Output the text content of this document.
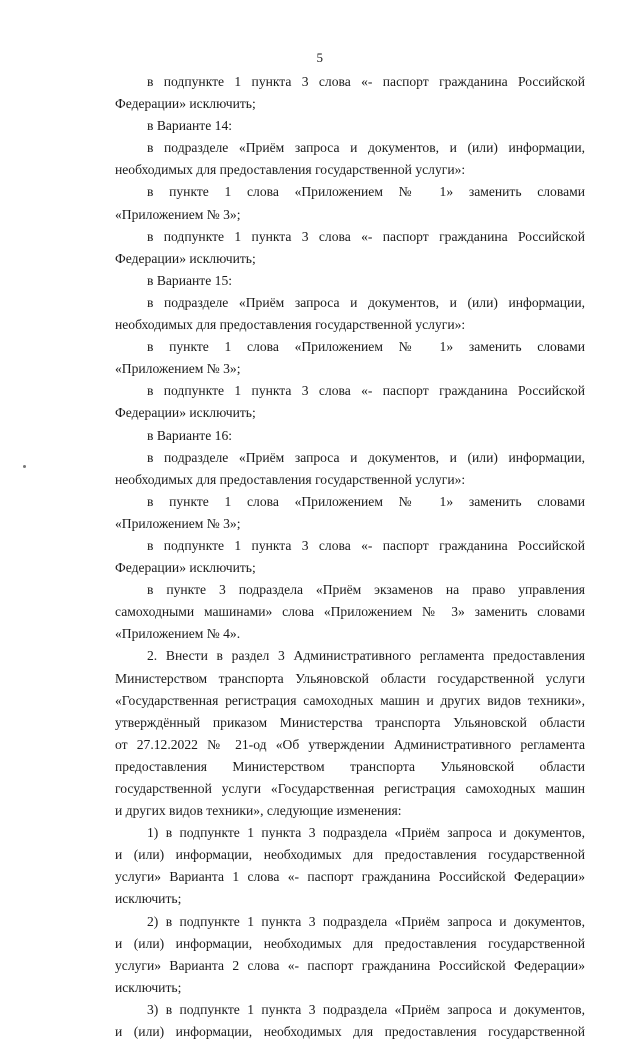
5
в подпункте 1 пункта 3 слова «- паспорт гражданина Российской
Федерации» исключить;
в Варианте 14:
в подразделе «Приём запроса и документов, и (или) информации,
необходимых для предоставления государственной услуги»:
в пункте 1 слова «Приложением № 1» заменить словами
«Приложением № 3»;
в подпункте 1 пункта 3 слова «- паспорт гражданина Российской
Федерации» исключить;
в Варианте 15:
в подразделе «Приём запроса и документов, и (или) информации,
необходимых для предоставления государственной услуги»:
в пункте 1 слова «Приложением № 1» заменить словами
«Приложением № 3»;
в подпункте 1 пункта 3 слова «- паспорт гражданина Российской
Федерации» исключить;
в Варианте 16:
в подразделе «Приём запроса и документов, и (или) информации,
необходимых для предоставления государственной услуги»:
в пункте 1 слова «Приложением № 1» заменить словами
«Приложением № 3»;
в подпункте 1 пункта 3 слова «- паспорт гражданина Российской
Федерации» исключить;
в пункте 3 подраздела «Приём экзаменов на право управления
самоходными машинами» слова «Приложением № 3» заменить словами
«Приложением № 4».
2. Внести в раздел 3 Административного регламента предоставления
Министерством транспорта Ульяновской области государственной услуги
«Государственная регистрация самоходных машин и других видов техники»,
утверждённый приказом Министерства транспорта Ульяновской области
от 27.12.2022 № 21-од «Об утверждении Административного регламента
предоставления Министерством транспорта Ульяновской области
государственной услуги «Государственная регистрация самоходных машин
и других видов техники», следующие изменения:
1) в подпункте 1 пункта 3 подраздела «Приём запроса и документов,
и (или) информации, необходимых для предоставления государственной
услуги» Варианта 1 слова «- паспорт гражданина Российской Федерации»
исключить;
2) в подпункте 1 пункта 3 подраздела «Приём запроса и документов,
и (или) информации, необходимых для предоставления государственной
услуги» Варианта 2 слова «- паспорт гражданина Российской Федерации»
исключить;
3) в подпункте 1 пункта 3 подраздела «Приём запроса и документов,
и (или) информации, необходимых для предоставления государственной
